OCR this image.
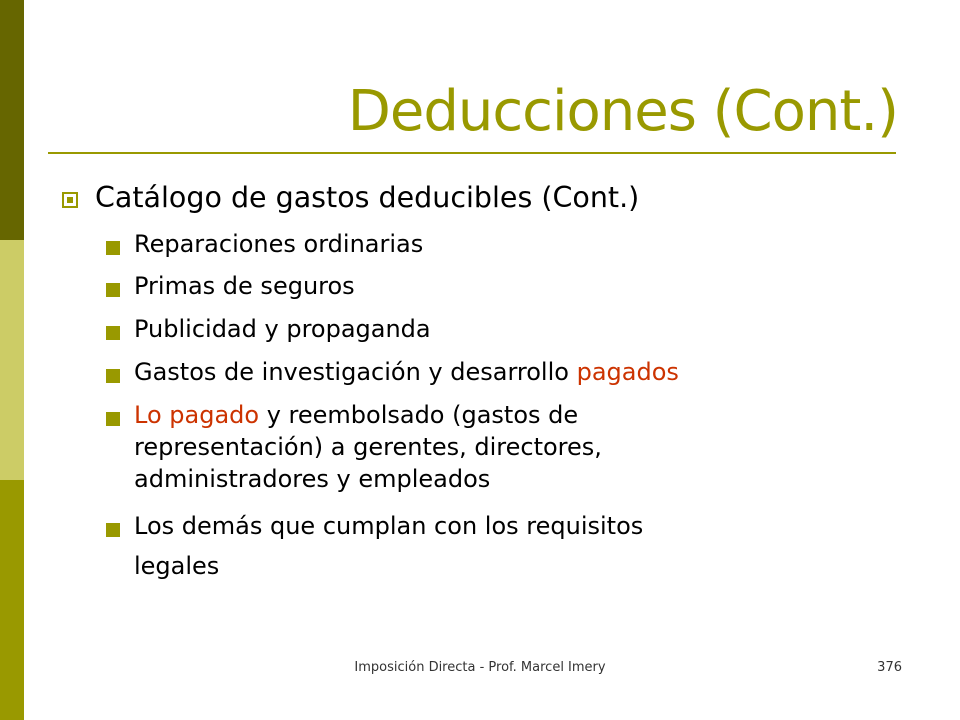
Deducciones (Cont.)
Catálogo de gastos deducibles (Cont.)
Reparaciones ordinarias
Primas de seguros
Publicidad y propaganda
Gastos de investigación y desarrollo pagados
Lo pagado y reembolsado (gastos de
representación) a gerentes, directores,
administradores y empleados
Los demás que cumplan con los requisitos
legales
Imposición Directa - Prof. Marcel Imery	376
